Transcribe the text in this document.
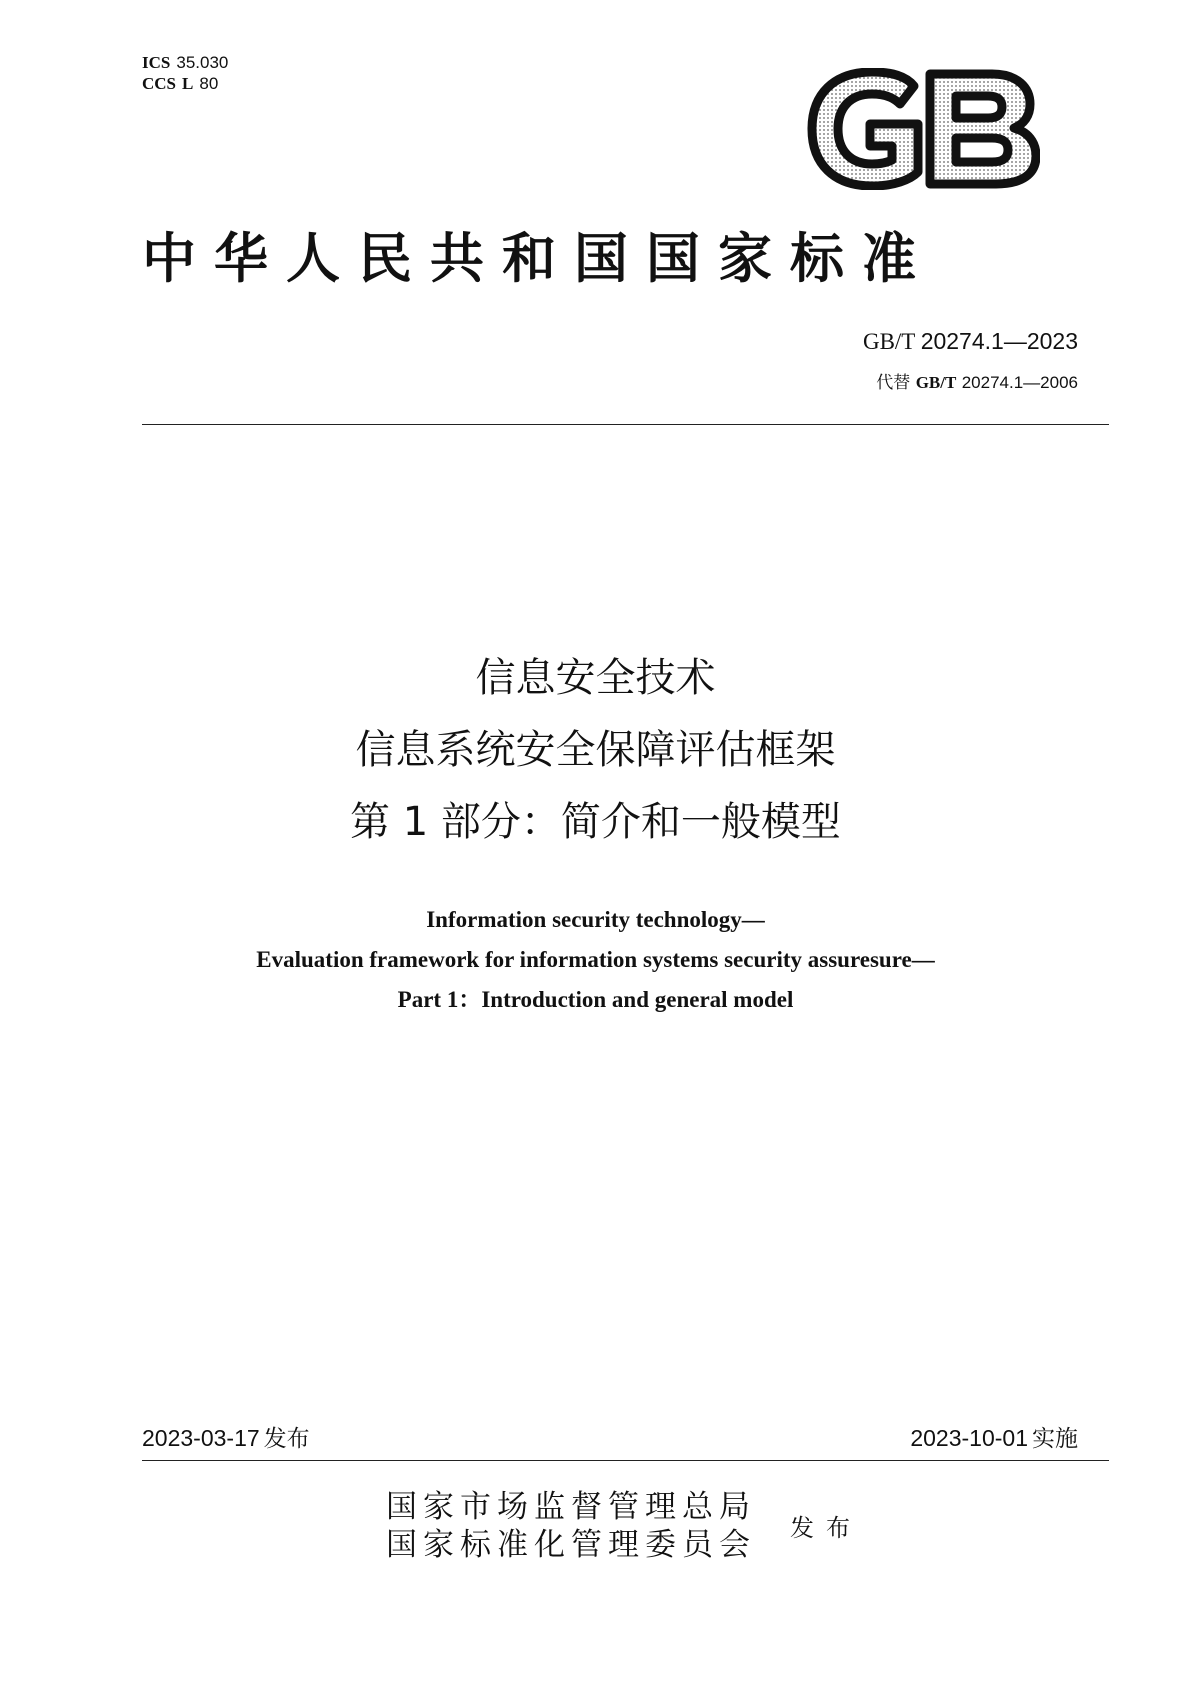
ICS 35.030
CCS L 80
GB
中华人民共和国国家标准
GB/T 20274.1—2023
代替 GB/T 20274.1—2006
信息安全技术
信息系统安全保障评估框架
第 1 部分：简介和一般模型
Information security technology—
Evaluation framework for information systems security assuresure—
Part 1：Introduction and general model
2023-03-17 发布	2023-10-01 实施
国家市场监督管理总局
国家标准化管理委员会 发布
